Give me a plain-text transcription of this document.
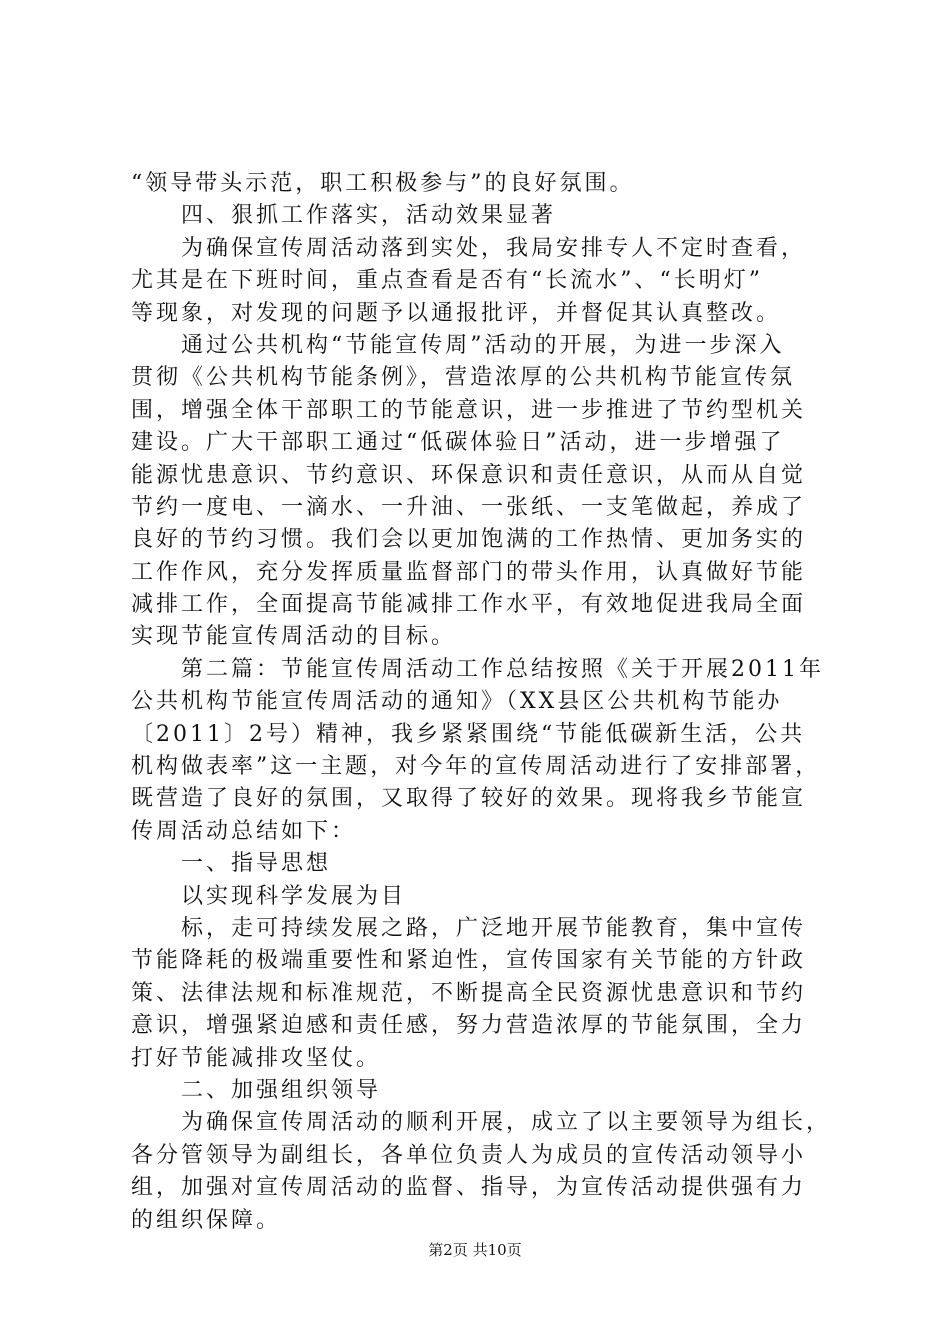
“领导带头示范，职工积极参与”的良好氛围。
四、狠抓工作落实，活动效果显著
为确保宣传周活动落到实处，我局安排专人不定时查看，
尤其是在下班时间，重点查看是否有“长流水”、“长明灯”
等现象，对发现的问题予以通报批评，并督促其认真整改。
通过公共机构“节能宣传周”活动的开展，为进一步深入
贯彻《公共机构节能条例》，营造浓厚的公共机构节能宣传氛
围，增强全体干部职工的节能意识，进一步推进了节约型机关
建设。广大干部职工通过“低碳体验日”活动，进一步增强了
能源忧患意识、节约意识、环保意识和责任意识，从而从自觉
节约一度电、一滴水、一升油、一张纸、一支笔做起，养成了
良好的节约习惯。我们会以更加饱满的工作热情、更加务实的
工作作风，充分发挥质量监督部门的带头作用，认真做好节能
减排工作，全面提高节能减排工作水平，有效地促进我局全面
实现节能宣传周活动的目标。
第二篇：节能宣传周活动工作总结按照《关于开展2011年
公共机构节能宣传周活动的通知》（XX县区公共机构节能办
〔2011〕2号）精神，我乡紧紧围绕“节能低碳新生活，公共
机构做表率”这一主题，对今年的宣传周活动进行了安排部署，
既营造了良好的氛围，又取得了较好的效果。现将我乡节能宣
传周活动总结如下：
一、指导思想
以实现科学发展为目
标，走可持续发展之路，广泛地开展节能教育，集中宣传
节能降耗的极端重要性和紧迫性，宣传国家有关节能的方针政
策、法律法规和标准规范，不断提高全民资源忧患意识和节约
意识，增强紧迫感和责任感，努力营造浓厚的节能氛围，全力
打好节能减排攻坚仗。
二、加强组织领导
为确保宣传周活动的顺利开展，成立了以主要领导为组长，
各分管领导为副组长，各单位负责人为成员的宣传活动领导小
组，加强对宣传周活动的监督、指导，为宣传活动提供强有力
的组织保障。
第2页 共10页
